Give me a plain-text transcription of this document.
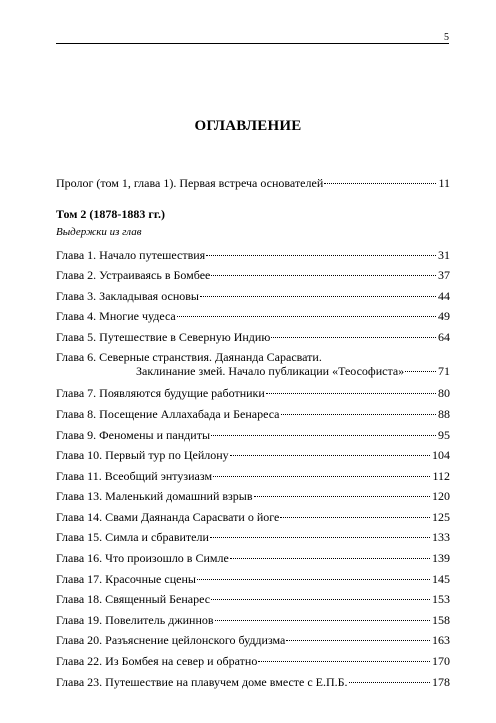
5
ОГЛАВЛЕНИЕ
Пролог (том 1, глава 1). Первая встреча основателей	11
Том 2 (1878-1883 гг.)
Выдержки из глав
Глава 1. Начало путешествия	31
Глава 2. Устраиваясь в Бомбее	37
Глава 3. Закладывая основы	44
Глава 4. Многие чудеса	49
Глава 5. Путешествие в Северную Индию	64
Глава 6. Северные странствия. Даянанда Сарасвати.
Заклинание змей. Начало публикации «Теософиста»	71
Глава 7. Появляются будущие работники	80
Глава 8. Посещение Аллахабада и Бенареса	88
Глава 9. Феномены и пандиты	95
Глава 10. Первый тур по Цейлону	104
Глава 11. Всеобщий энтузиазм	112
Глава 13. Маленький домашний взрыв	120
Глава 14. Свами Даянанда Сарасвати о йоге	125
Глава 15. Симла и сбравители	133
Глава 16. Что произошло в Симле	139
Глава 17. Красочные сцены	145
Глава 18. Священный Бенарес	153
Глава 19. Повелитель джиннов	158
Глава 20. Разъяснение цейлонского буддизма	163
Глава 22. Из Бомбея на север и обратно	170
Глава 23. Путешествие на плавучем доме вместе с Е.П.Б.	178
